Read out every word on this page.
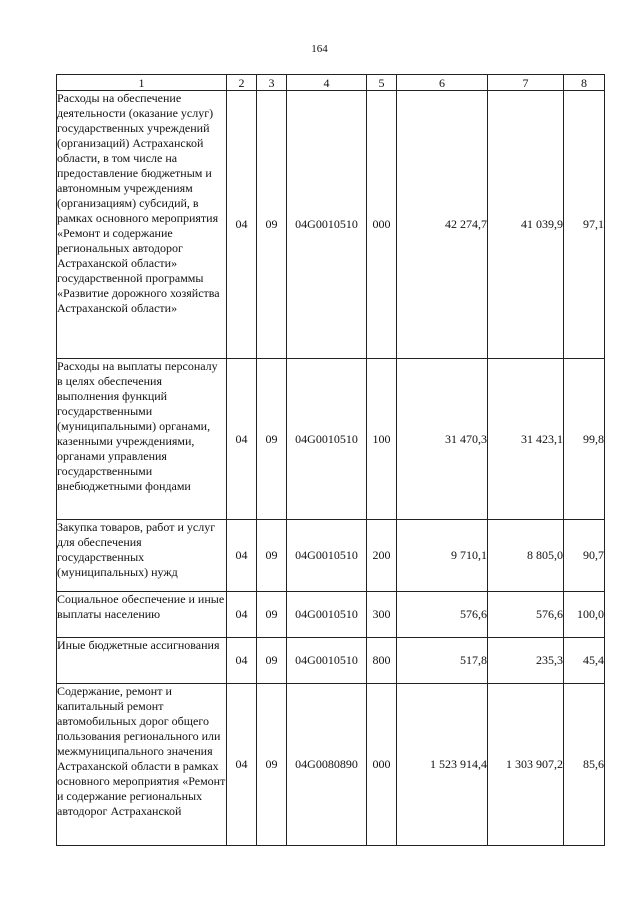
164
1	2	3	4	5	6	7	8
Расходы на обеспечение деятельности (оказание услуг) государственных учреждений (организаций) Астраханской области, в том числе на предоставление бюджетным и автономным учреждениям (организациям) субсидий, в рамках основного мероприятия «Ремонт и содержание региональных автодорог Астраханской области» государственной программы «Развитие дорожного хозяйства Астраханской области»	04	09	04G0010510	000	42 274,7	41 039,9	97,1
Расходы на выплаты персоналу в целях обеспечения выполнения функций государственными (муниципальными) органами, казенными учреждениями, органами управления государственными внебюджетными фондами	04	09	04G0010510	100	31 470,3	31 423,1	99,8
Закупка товаров, работ и услуг для обеспечения государственных (муниципальных) нужд	04	09	04G0010510	200	9 710,1	8 805,0	90,7
Социальное обеспечение и иные выплаты населению	04	09	04G0010510	300	576,6	576,6	100,0
Иные бюджетные ассигнования	04	09	04G0010510	800	517,8	235,3	45,4
Содержание, ремонт и капитальный ремонт автомобильных дорог общего пользования регионального или межмуниципального значения Астраханской области в рамках основного мероприятия «Ремонт и содержание региональных автодорог Астраханской	04	09	04G0080890	000	1 523 914,4	1 303 907,2	85,6
